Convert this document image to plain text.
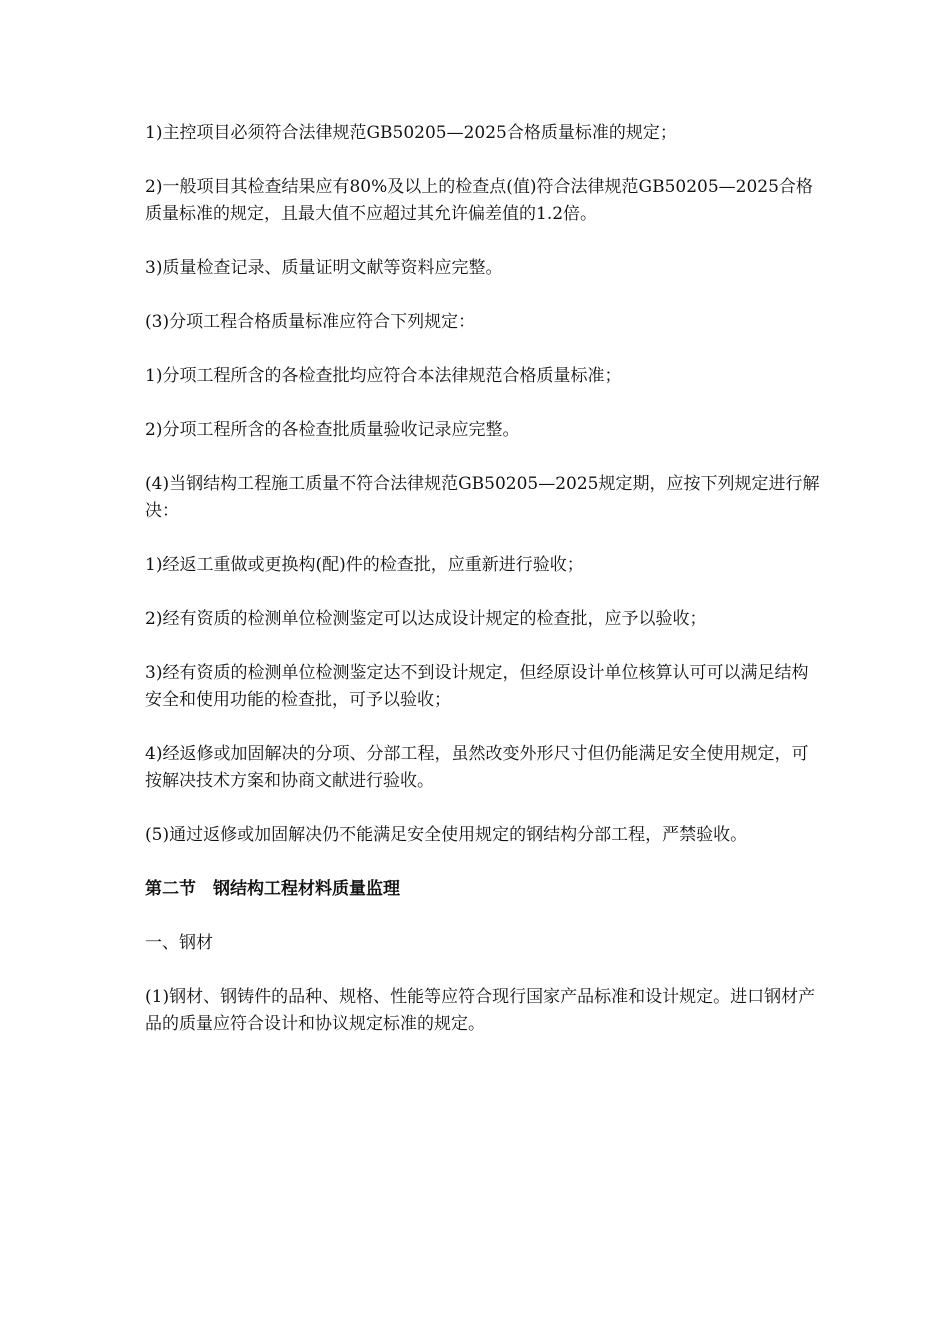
1)主控项目必须符合法律规范GB50205—2025合格质量标准的规定；

2)一般项目其检查结果应有80%及以上的检查点(值)符合法律规范GB50205—2025合格质量标准的规定，且最大值不应超过其允许偏差值的1.2倍。

3)质量检查记录、质量证明文献等资料应完整。

(3)分项工程合格质量标准应符合下列规定：

1)分项工程所含的各检查批均应符合本法律规范合格质量标准；

2)分项工程所含的各检查批质量验收记录应完整。

(4)当钢结构工程施工质量不符合法律规范GB50205—2025规定期，应按下列规定进行解决：

1)经返工重做或更换构(配)件的检查批，应重新进行验收；

2)经有资质的检测单位检测鉴定可以达成设计规定的检查批，应予以验收；

3)经有资质的检测单位检测鉴定达不到设计规定，但经原设计单位核算认可可以满足结构安全和使用功能的检查批，可予以验收；

4)经返修或加固解决的分项、分部工程，虽然改变外形尺寸但仍能满足安全使用规定，可按解决技术方案和协商文献进行验收。

(5)通过返修或加固解决仍不能满足安全使用规定的钢结构分部工程，严禁验收。

第二节　钢结构工程材料质量监理

一、钢材

(1)钢材、钢铸件的品种、规格、性能等应符合现行国家产品标准和设计规定。进口钢材产品的质量应符合设计和协议规定标准的规定。
